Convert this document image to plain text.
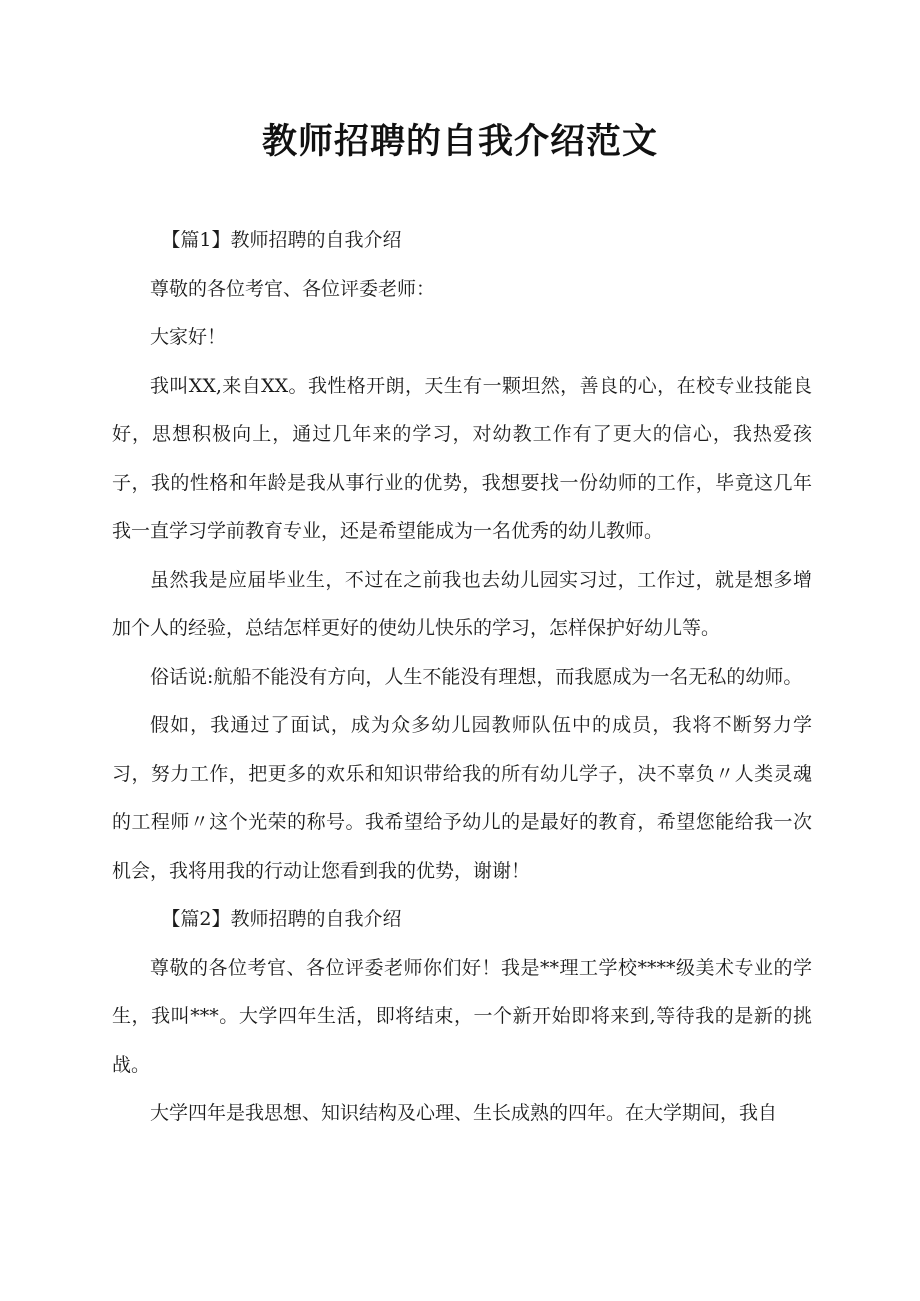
教师招聘的自我介绍范文

【篇1】教师招聘的自我介绍

尊敬的各位考官、各位评委老师：

大家好！

我叫XX,来自XX。我性格开朗，天生有一颗坦然，善良的心，在校专业技能良好，思想积极向上，通过几年来的学习，对幼教工作有了更大的信心，我热爱孩子，我的性格和年龄是我从事行业的优势，我想要找一份幼师的工作，毕竟这几年我一直学习学前教育专业，还是希望能成为一名优秀的幼儿教师。

虽然我是应届毕业生，不过在之前我也去幼儿园实习过，工作过，就是想多增加个人的经验，总结怎样更好的使幼儿快乐的学习，怎样保护好幼儿等。

俗话说:航船不能没有方向，人生不能没有理想，而我愿成为一名无私的幼师。

假如，我通过了面试，成为众多幼儿园教师队伍中的成员，我将不断努力学习，努力工作，把更多的欢乐和知识带给我的所有幼儿学子，决不辜负〃人类灵魂的工程师〃这个光荣的称号。我希望给予幼儿的是最好的教育，希望您能给我一次机会，我将用我的行动让您看到我的优势，谢谢！

【篇2】教师招聘的自我介绍

尊敬的各位考官、各位评委老师你们好！我是**理工学校****级美术专业的学生，我叫***。大学四年生活，即将结束，一个新开始即将来到,等待我的是新的挑战。

大学四年是我思想、知识结构及心理、生长成熟的四年。在大学期间，我自
